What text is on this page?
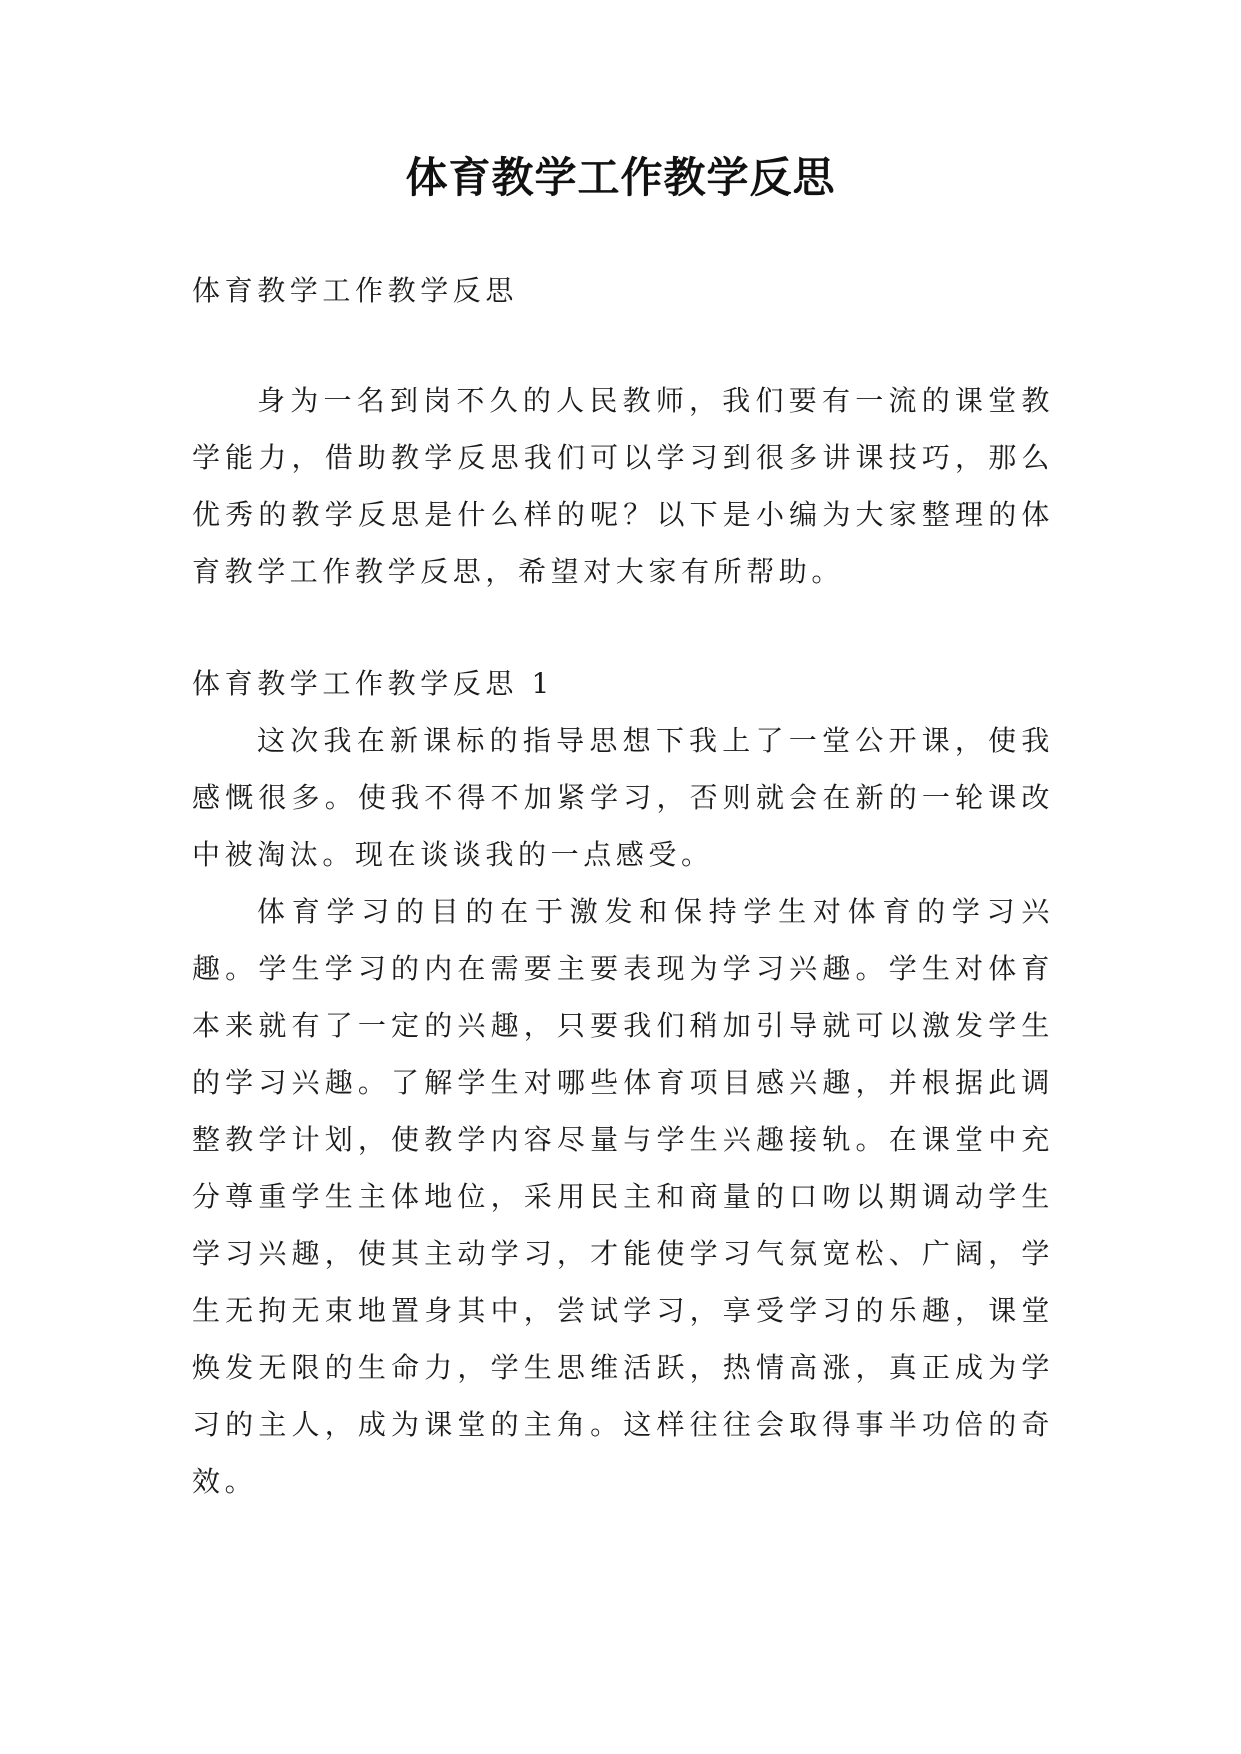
体育教学工作教学反思

体育教学工作教学反思

身为一名到岗不久的人民教师，我们要有一流的课堂教学能力，借助教学反思我们可以学习到很多讲课技巧，那么优秀的教学反思是什么样的呢？以下是小编为大家整理的体育教学工作教学反思，希望对大家有所帮助。

体育教学工作教学反思 1

这次我在新课标的指导思想下我上了一堂公开课，使我感慨很多。使我不得不加紧学习，否则就会在新的一轮课改中被淘汰。现在谈谈我的一点感受。

体育学习的目的在于激发和保持学生对体育的学习兴趣。学生学习的内在需要主要表现为学习兴趣。学生对体育本来就有了一定的兴趣，只要我们稍加引导就可以激发学生的学习兴趣。了解学生对哪些体育项目感兴趣，并根据此调整教学计划，使教学内容尽量与学生兴趣接轨。在课堂中充分尊重学生主体地位，采用民主和商量的口吻以期调动学生学习兴趣，使其主动学习，才能使学习气氛宽松、广阔，学生无拘无束地置身其中，尝试学习，享受学习的乐趣，课堂焕发无限的生命力，学生思维活跃，热情高涨，真正成为学习的主人，成为课堂的主角。这样往往会取得事半功倍的奇效。
